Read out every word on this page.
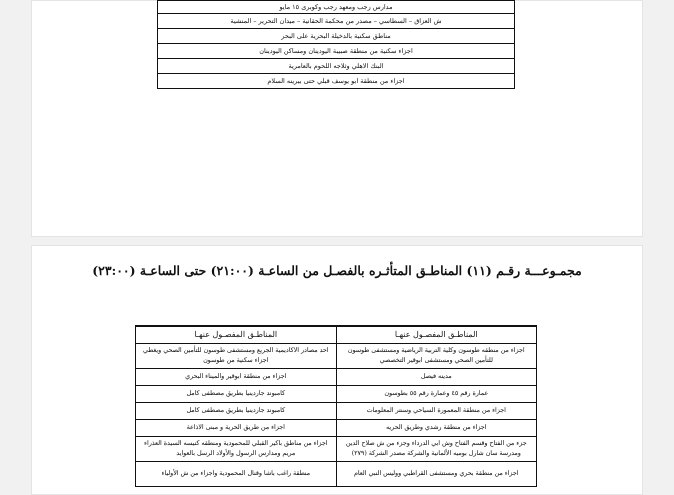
مدارس رجب ومعهد رجب وكوبرى ١٥ مايو
ش العزاق – السطاسي – مصدر من محكمة الحقانية – ميدان التحرير – المنشية
مناطق سكنية بالدخيلة البحرية على البحر
اجزاء سكنية من منطقة صبيبة اليودينان ومساكن اليودينان
البنك الاهلي وثلاجه اللحوم بالعامرية
اجزاء من منطقة ابو يوسف قبلي حتى بيرينه السلام
مجمـوعـــة رقـم (١١) المناطـق المتأثـره بالفصـل من الساعـة (٢١:٠٠) حتى الساعـة (٢٣:٠٠)
المناطـق المفصـول عنهـا	المناطـق المفصـول عنهـا
اجزاء من منطقه طوسون وكلية التربية الرياضية ومستشفى طوسون للتأمين الصحي ومستشفى ابوقير التخصصي	احد مصادر الاكاديمية الجريع ومستشفى طوسون للتأمين الصحي ويغطي اجزاء سكنية من طوسون
مدينه فيصل	اجزاء من منطقة ابوقير والميناء البحري
عمارة رقم ٤٥ وعمارة رقم ٥٥ بطوسون	كامبوند جاردينيا بطريق مصطفى كامل
اجزاء من منطقة المعمورة السياحي وسنتر المعلومات	كامبوند جاردينيا بطريق مصطفى كامل
اجزاء من منطقة رشدي وطريق الحريه	اجزاء من طريق الحرية و مبنى الاذاعة
جزء من الفتاح وقسم الفتاح وش ابي الدرداء وجزء من ش صلاح الدين ومدرسة سان شارل بوميه الألمانية والشركة مصدر الشركة (٢٧٩)	اجزاء من مناطق باكير القبلي للمحمودية ومنطقه كنيسه السيدة العذراء مريم ومدارس الرسول والأولاد الرسل بالعوايد
اجزاء من منطقة بحري ومستشفى القراطبي ووليس النبي العام	منطقة راغب باشا وقنال المحمودية واجزاء من ش الأولياء
